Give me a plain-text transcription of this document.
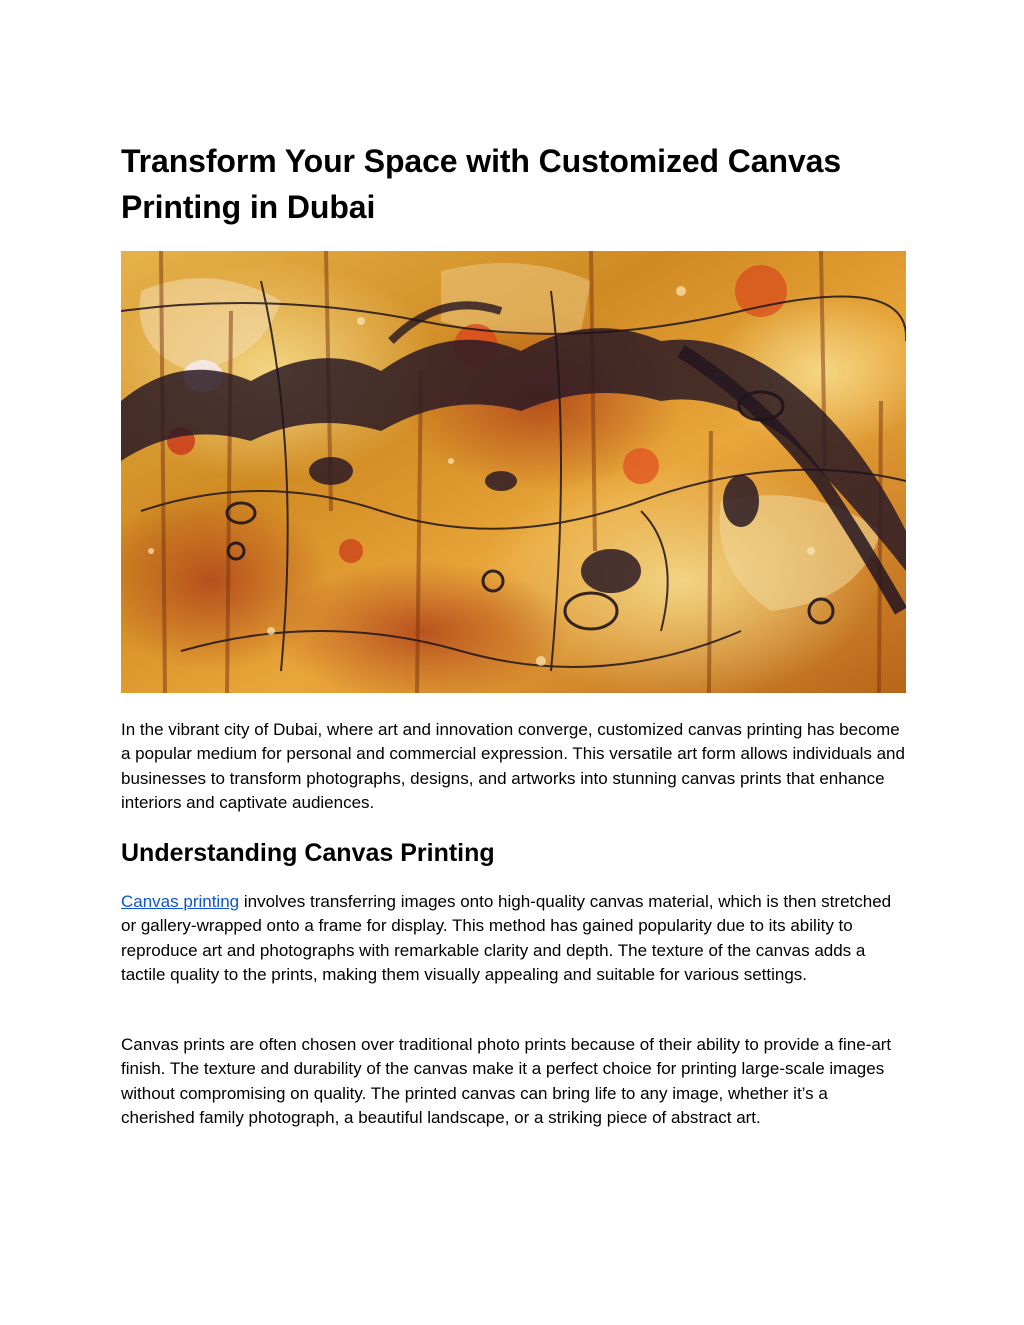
Transform Your Space with Customized Canvas Printing in Dubai

In the vibrant city of Dubai, where art and innovation converge, customized canvas printing has become a popular medium for personal and commercial expression. This versatile art form allows individuals and businesses to transform photographs, designs, and artworks into stunning canvas prints that enhance interiors and captivate audiences.

Understanding Canvas Printing

Canvas printing involves transferring images onto high-quality canvas material, which is then stretched or gallery-wrapped onto a frame for display. This method has gained popularity due to its ability to reproduce art and photographs with remarkable clarity and depth. The texture of the canvas adds a tactile quality to the prints, making them visually appealing and suitable for various settings.

Canvas prints are often chosen over traditional photo prints because of their ability to provide a fine-art finish. The texture and durability of the canvas make it a perfect choice for printing large-scale images without compromising on quality. The printed canvas can bring life to any image, whether it’s a cherished family photograph, a beautiful landscape, or a striking piece of abstract art.
